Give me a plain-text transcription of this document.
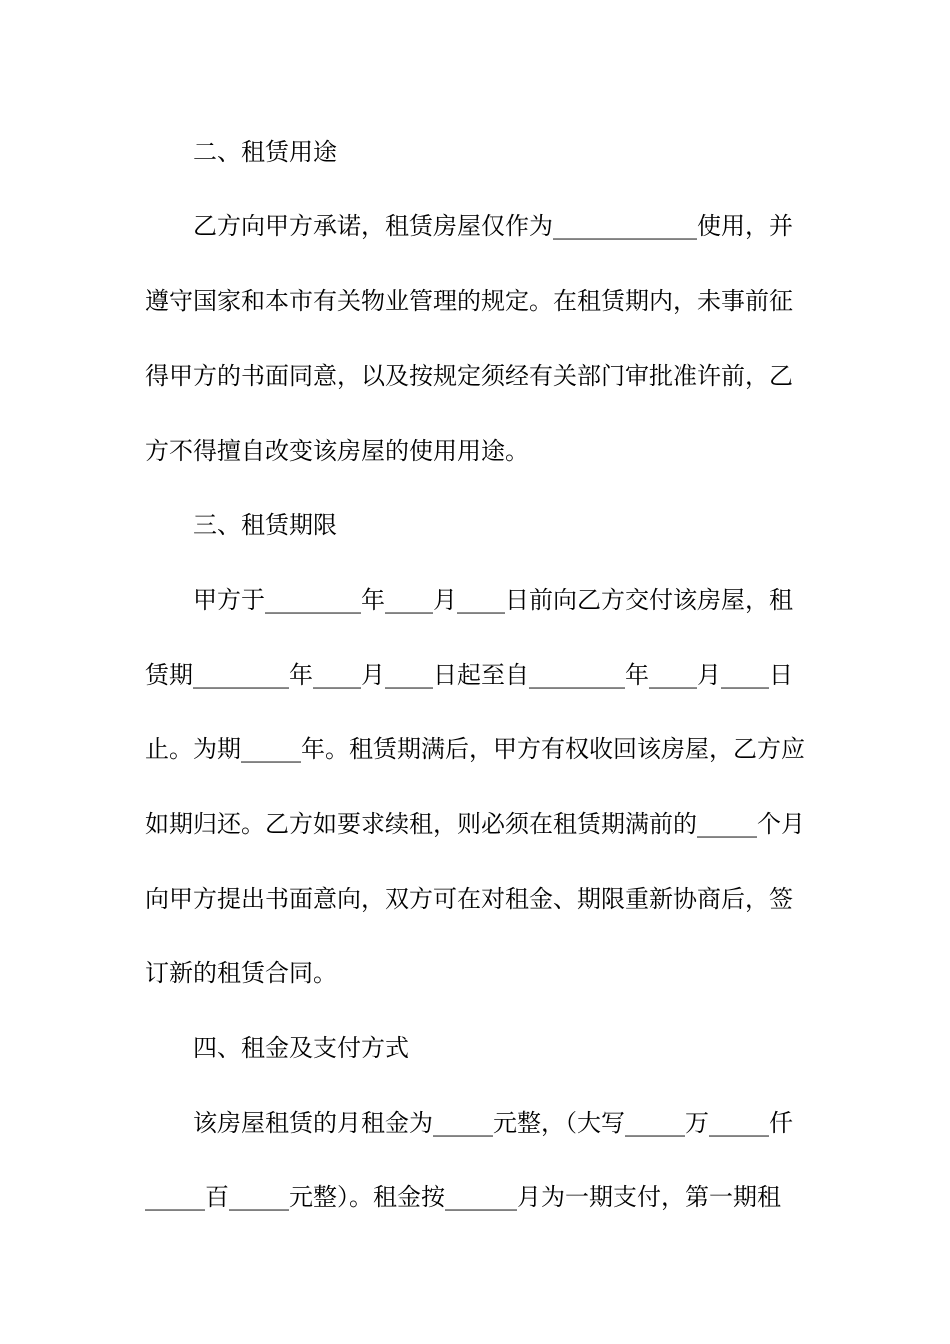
二、租赁用途
乙方向甲方承诺，租赁房屋仅作为____________使用，并
遵守国家和本市有关物业管理的规定。在租赁期内，未事前征
得甲方的书面同意，以及按规定须经有关部门审批准许前，乙
方不得擅自改变该房屋的使用用途。
三、租赁期限
甲方于________年____月____日前向乙方交付该房屋，租
赁期________年____月____日起至自________年____月____日
止。为期_____年。租赁期满后，甲方有权收回该房屋，乙方应
如期归还。乙方如要求续租，则必须在租赁期满前的_____个月
向甲方提出书面意向，双方可在对租金、期限重新协商后，签
订新的租赁合同。
四、租金及支付方式
该房屋租赁的月租金为_____元整，（大写_____万_____仟
_____百_____元整）。租金按______月为一期支付，第一期租
